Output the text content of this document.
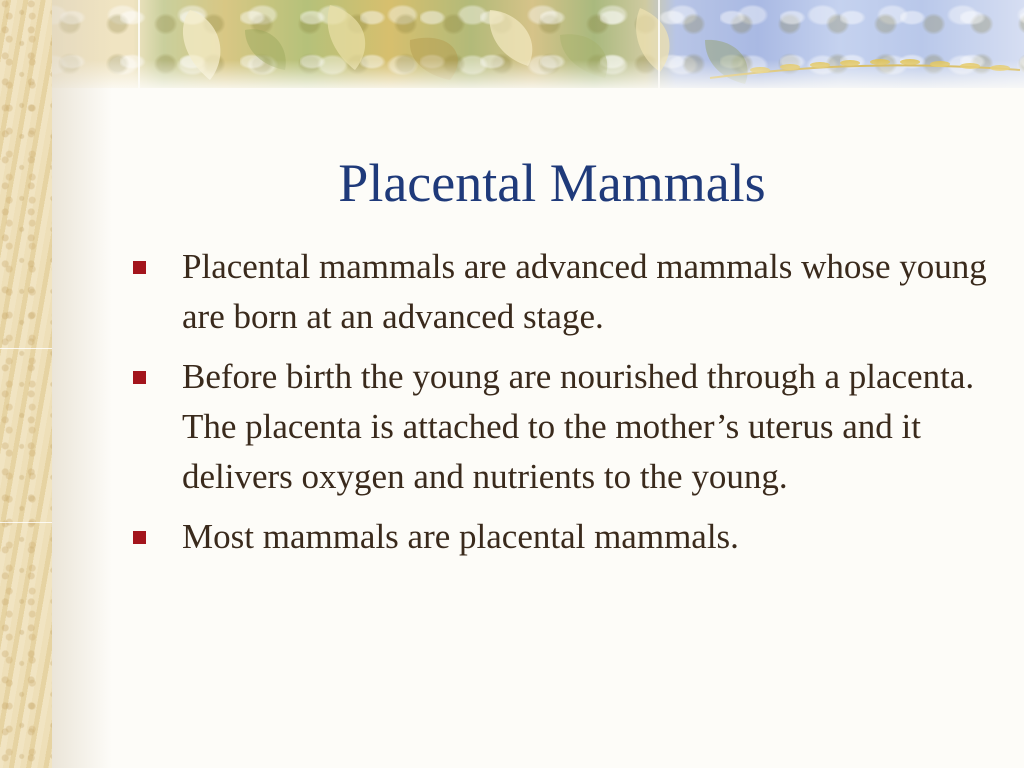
Placental Mammals
Placental mammals are advanced mammals whose young are born at an advanced stage.
Before birth the young are nourished through a placenta. The placenta is attached to the mother’s uterus and it delivers oxygen and nutrients to the young.
Most mammals are placental mammals.
